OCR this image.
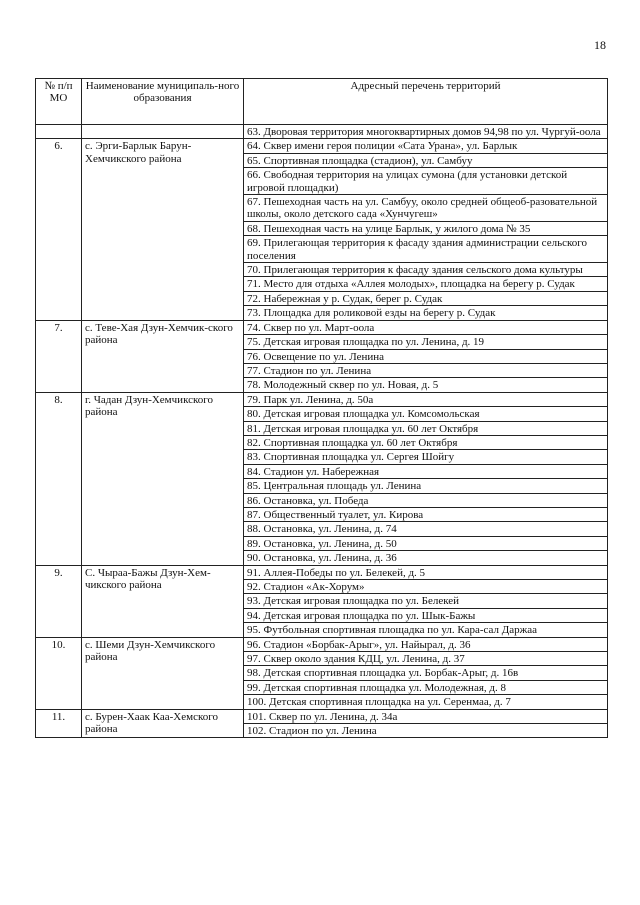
18
№ п/п МО	Наименование муниципаль-ного образования	Адресный перечень территорий
		63. Дворовая территория многоквартирных домов 94,98 по ул. Чургуй-оола
6.	с. Эрги-Барлык Барун-Хемчикского района	64. Сквер имени героя полиции «Сата Урана», ул. Барлык
		65. Спортивная площадка (стадион), ул. Самбуу
		66. Свободная территория на улицах сумона (для установки детской игровой площадки)
		67. Пешеходная часть на ул. Самбуу, около средней общеоб-разовательной школы, около детского сада «Хунчугеш»
		68. Пешеходная часть на улице Барлык, у жилого дома № 35
		69. Прилегающая территория к фасаду здания администрации сельского поселения
		70. Прилегающая территория к фасаду здания сельского дома культуры
		71. Место для отдыха «Аллея молодых», площадка на берегу р. Судак
		72. Набережная у р. Судак, берег р. Судак
		73. Площадка для роликовой езды на берегу р. Судак
7.	с. Теве-Хая Дзун-Хемчик-ского района	74. Сквер по ул. Март-оола
		75. Детская игровая площадка по ул. Ленина, д. 19
		76. Освещение по ул. Ленина
		77. Стадион по ул. Ленина
		78. Молодежный сквер по ул. Новая, д. 5
8.	г. Чадан Дзун-Хемчикского района	79. Парк ул. Ленина, д. 50а
		80. Детская игровая площадка ул. Комсомольская
		81. Детская игровая площадка ул. 60 лет Октября
		82. Спортивная площадка ул. 60 лет Октября
		83. Спортивная площадка ул. Сергея Шойгу
		84. Стадион ул. Набережная
		85. Центральная площадь ул. Ленина
		86. Остановка, ул. Победа
		87. Общественный туалет, ул. Кирова
		88. Остановка, ул. Ленина, д. 74
		89. Остановка, ул. Ленина, д. 50
		90. Остановка, ул. Ленина, д. 36
9.	С. Чыраа-Бажы Дзун-Хем-чикского района	91. Аллея-Победы по ул. Белекей, д. 5
		92. Стадион «Ак-Хорум»
		93. Детская игровая площадка по ул. Белекей
		94. Детская игровая площадка по ул. Шык-Бажы
		95. Футбольная спортивная площадка по ул. Кара-сал Даржаа
10.	с. Шеми Дзун-Хемчикского района	96. Стадион «Борбак-Арыг», ул. Найырал, д. 36
		97. Сквер около здания КДЦ, ул. Ленина, д. 37
		98. Детская спортивная площадка ул. Борбак-Арыг, д. 16в
		99. Детская спортивная площадка ул. Молодежная, д. 8
		100. Детская спортивная площадка на ул. Серенмаа, д. 7
11.	с. Бурен-Хаак Каа-Хемского района	101. Сквер по ул. Ленина, д. 34а
		102. Стадион по ул. Ленина
